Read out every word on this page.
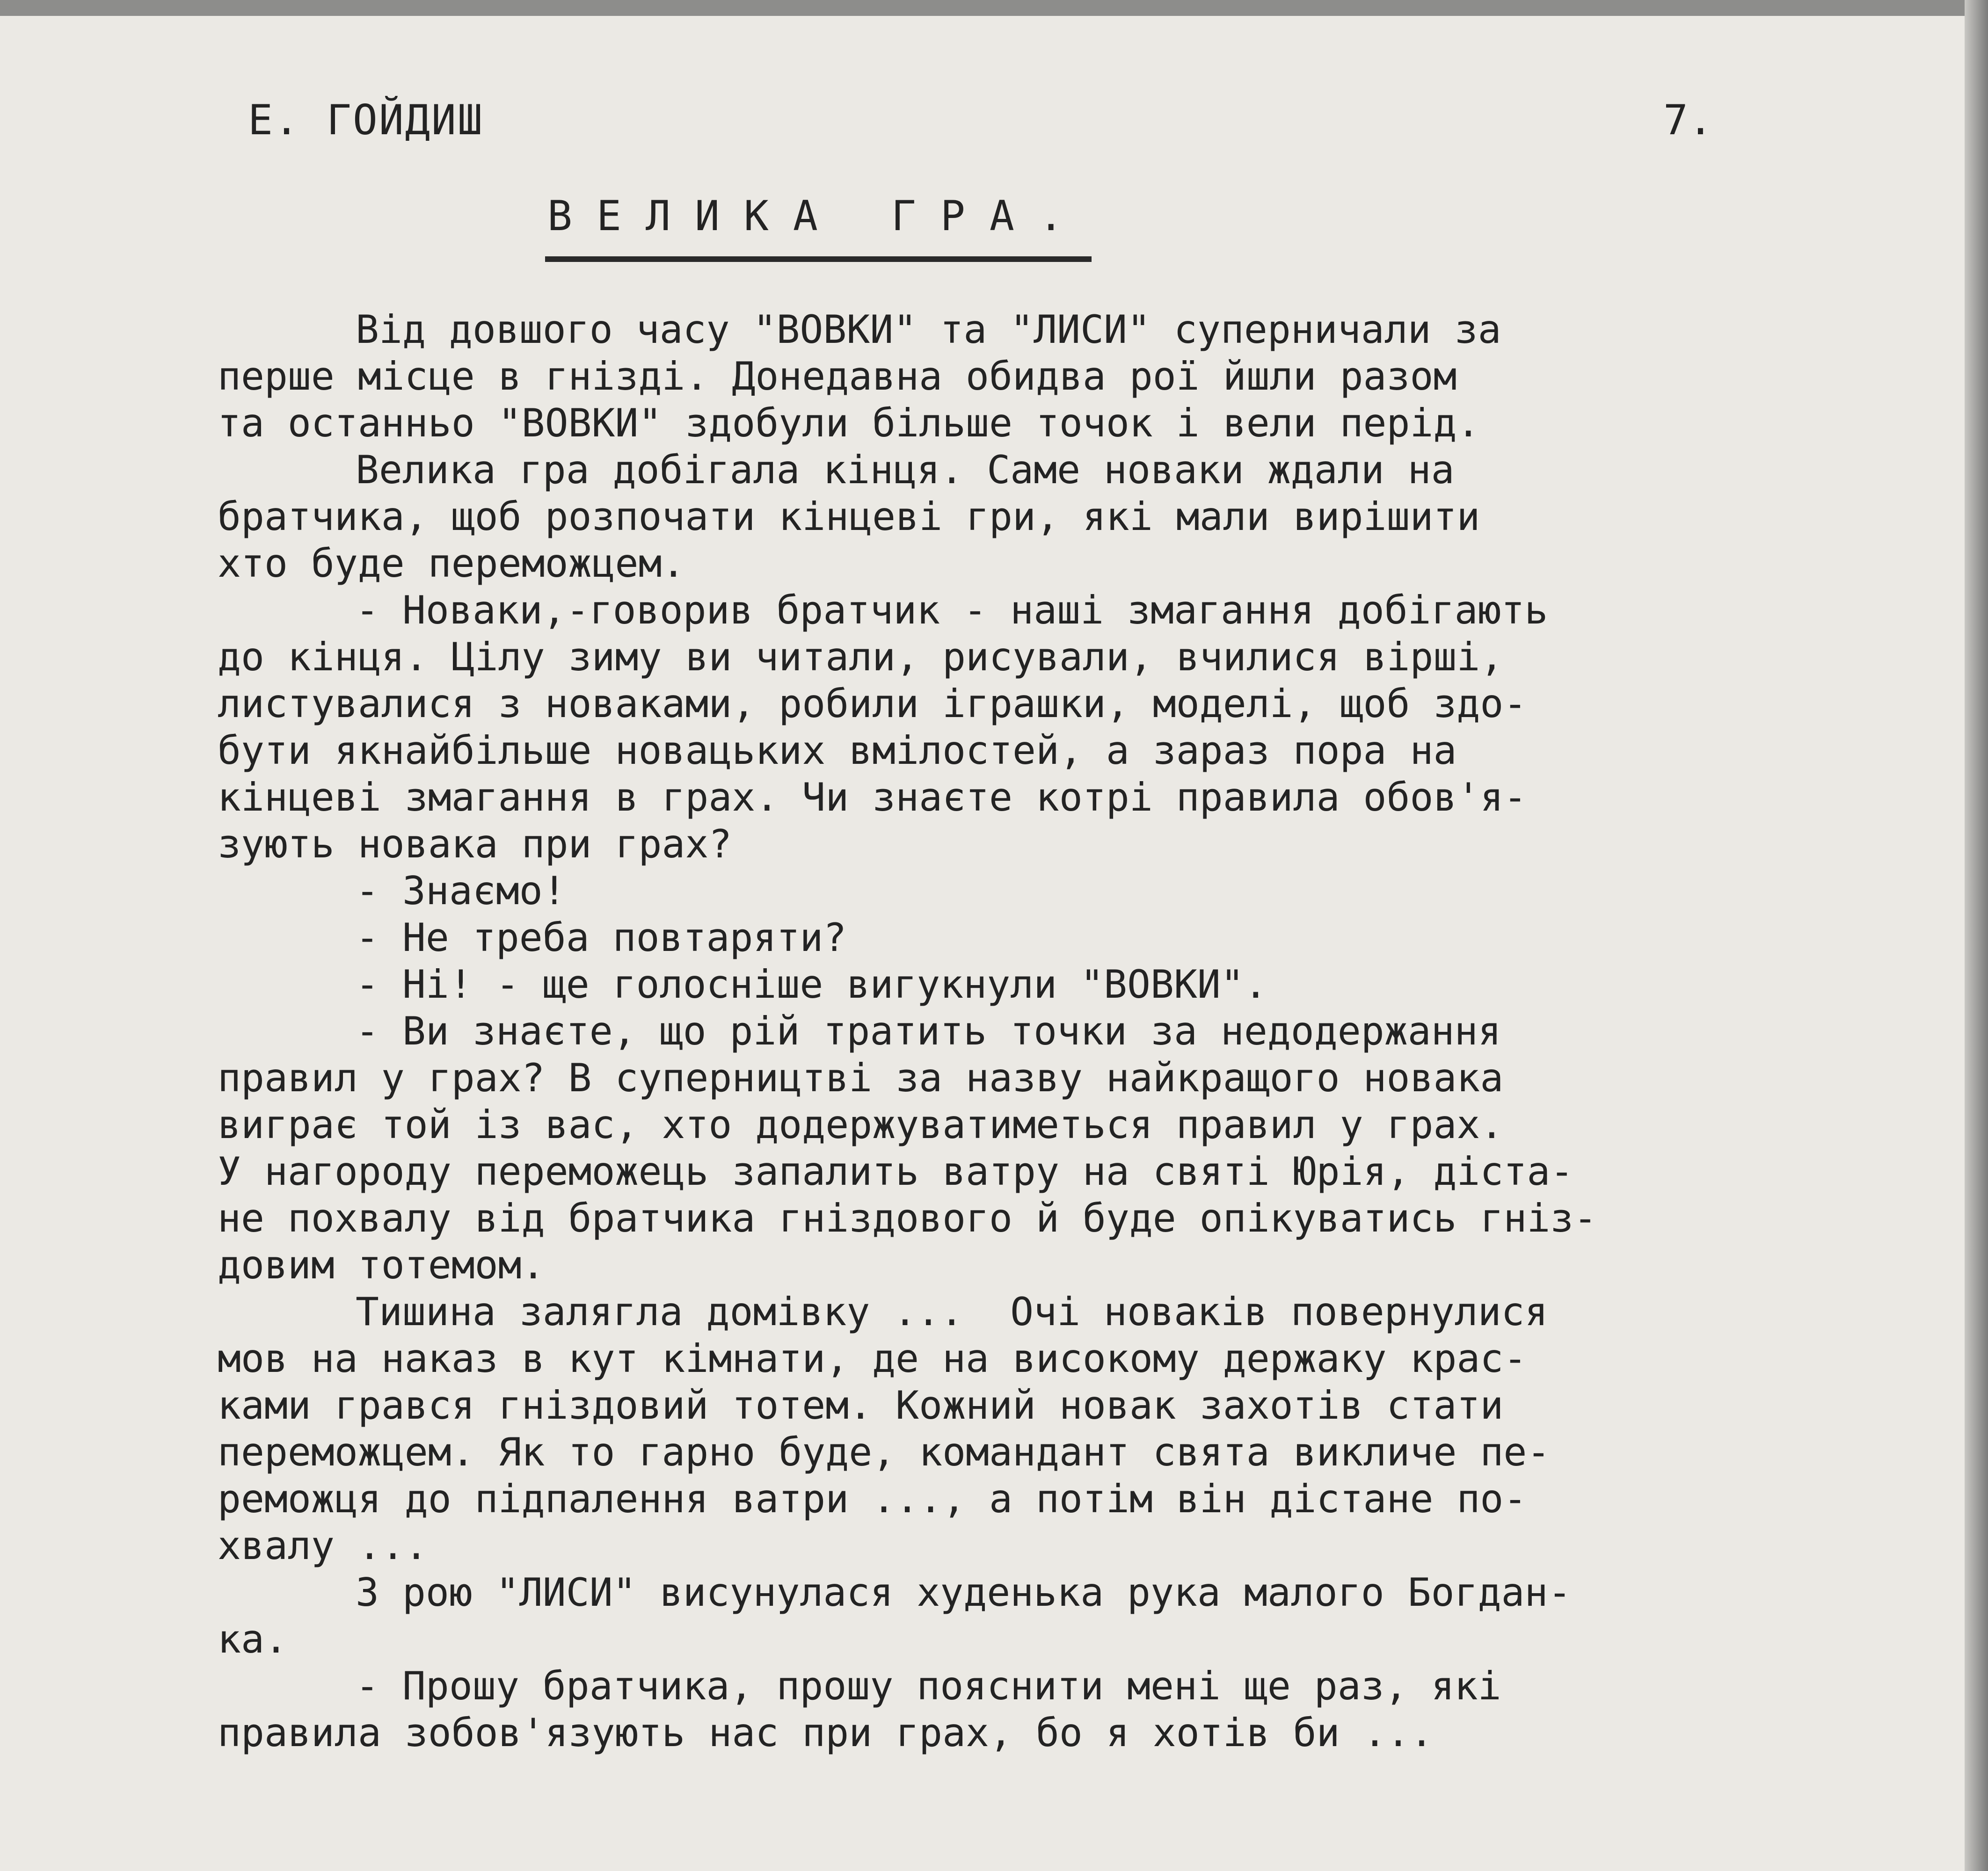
Е. ГОЙДИШ	7.
ВЕЛИКА ГРА.
Від довшого часу "ВОВКИ" та "ЛИСИ" суперничали за
перше місце в гнізді. Донедавна обидва рої йшли разом
та останньо "ВОВКИ" здобули більше точок і вели перід.
Велика гра добігала кінця. Саме новаки ждали на
братчика, щоб розпочати кінцеві гри, які мали вирішити
хто буде переможцем.
- Новаки,-говорив братчик - наші змагання добігають
до кінця. Цілу зиму ви читали, рисували, вчилися вірші,
листувалися з новаками, робили іграшки, моделі, щоб здо-
бути якнайбільше новацьких вмілостей, а зараз пора на
кінцеві змагання в грах. Чи знаєте котрі правила обов'я-
зують новака при грах?
- Знаємо!
- Не треба повтаряти?
- Ні! - ще голосніше вигукнули "ВОВКИ".
- Ви знаєте, що рій тратить точки за недодержання
правил у грах? В суперництві за назву найкращого новака
виграє той із вас, хто додержуватиметься правил у грах.
У нагороду переможець запалить ватру на святі Юрія, діста-
не похвалу від братчика гніздового й буде опікуватись гніз-
довим тотемом.
Тишина залягла домівку ...  Очі новаків повернулися
мов на наказ в кут кімнати, де на високому держаку крас-
ками грався гніздовий тотем. Кожний новак захотів стати
переможцем. Як то гарно буде, командант свята викличе пе-
реможця до підпалення ватри ..., а потім він дістане по-
хвалу ...
З рою "ЛИСИ" висунулася худенька рука малого Богдан-
ка.
- Прошу братчика, прошу пояснити мені ще раз, які
правила зобов'язують нас при грах, бо я хотів би ...
